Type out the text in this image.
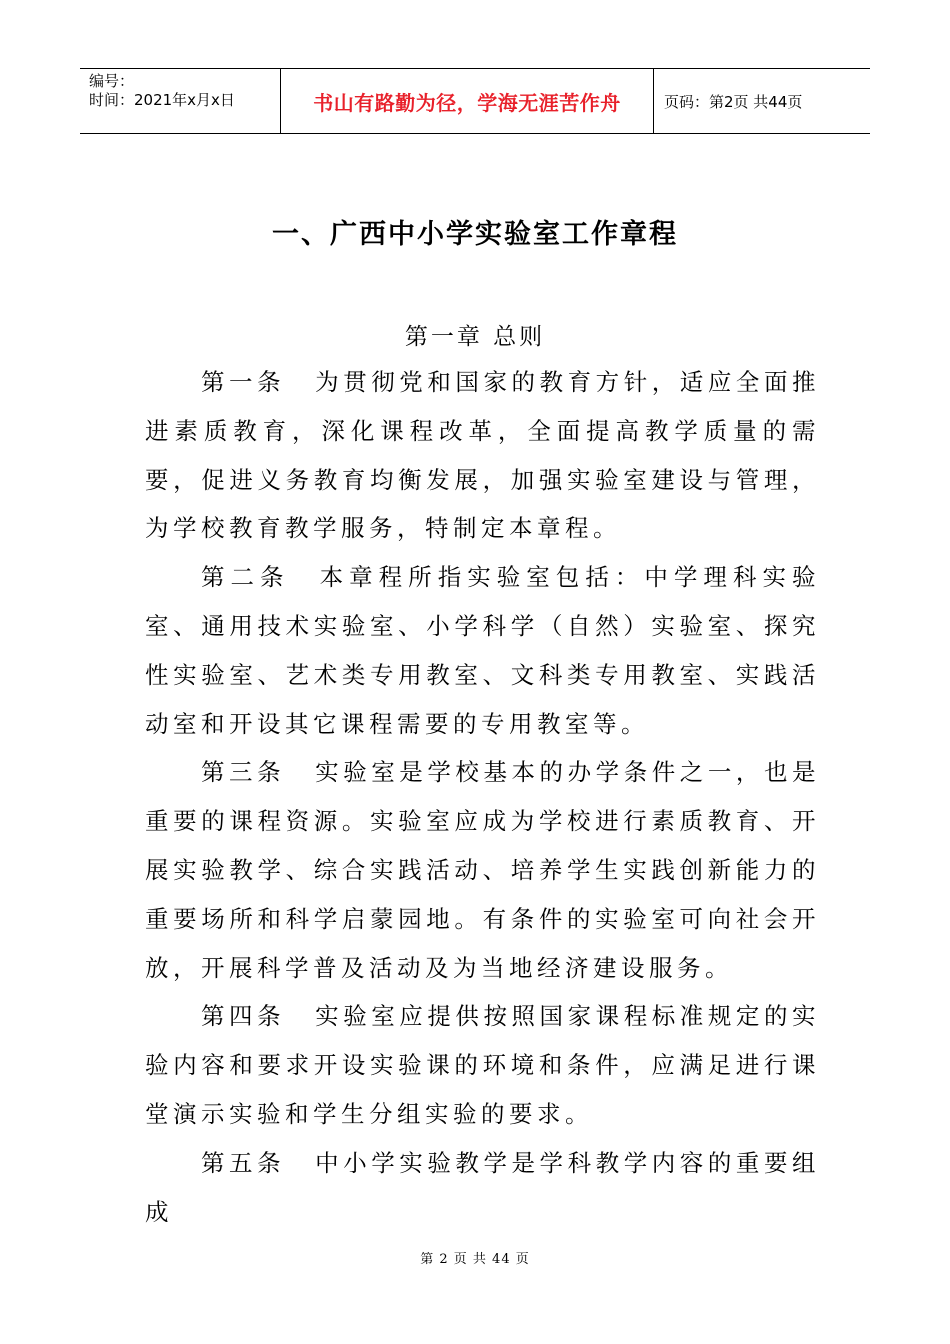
编号：
时间：2021年x月x日	书山有路勤为径，学海无涯苦作舟	页码：第2页 共44页
一、广西中小学实验室工作章程
第一章 总则

第一条 为贯彻党和国家的教育方针，适应全面推进素质教育，深化课程改革，全面提高教学质量的需要，促进义务教育均衡发展，加强实验室建设与管理，为学校教育教学服务，特制定本章程。

第二条 本章程所指实验室包括：中学理科实验室、通用技术实验室、小学科学（自然）实验室、探究性实验室、艺术类专用教室、文科类专用教室、实践活动室和开设其它课程需要的专用教室等。

第三条 实验室是学校基本的办学条件之一，也是重要的课程资源。实验室应成为学校进行素质教育、开展实验教学、综合实践活动、培养学生实践创新能力的重要场所和科学启蒙园地。有条件的实验室可向社会开放，开展科学普及活动及为当地经济建设服务。

第四条 实验室应提供按照国家课程标准规定的实验内容和要求开设实验课的环境和条件，应满足进行课堂演示实验和学生分组实验的要求。

第五条 中小学实验教学是学科教学内容的重要组成

第 2 页 共 44 页
